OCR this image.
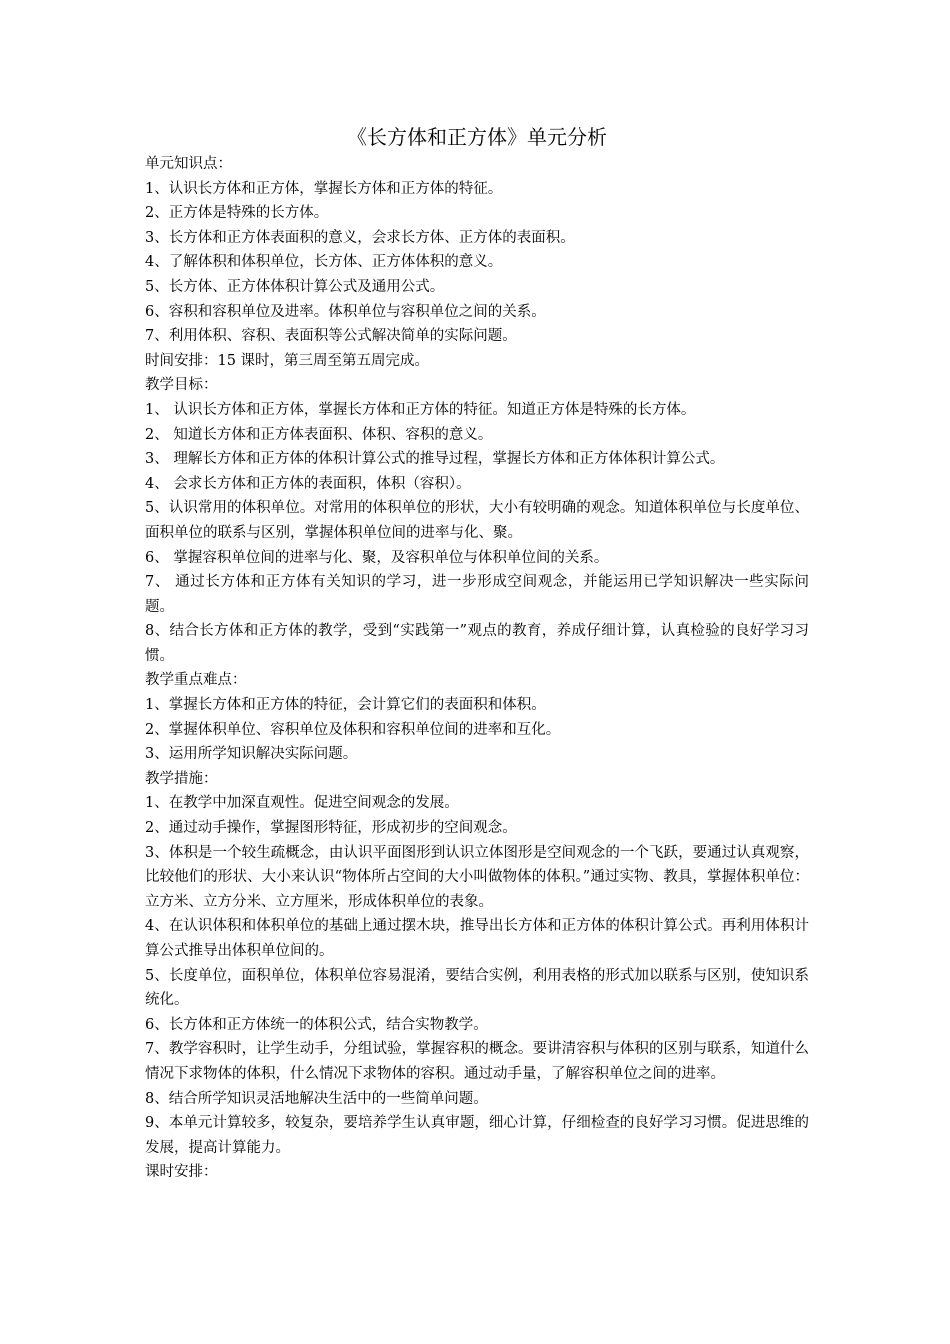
《长方体和正方体》单元分析

单元知识点：

1、认识长方体和正方体，掌握长方体和正方体的特征。

2、正方体是特殊的长方体。

3、长方体和正方体表面积的意义，会求长方体、正方体的表面积。

4、了解体积和体积单位，长方体、正方体体积的意义。

5、长方体、正方体体积计算公式及通用公式。

6、容积和容积单位及进率。体积单位与容积单位之间的关系。

7、利用体积、容积、表面积等公式解决简单的实际问题。

时间安排：15 课时，第三周至第五周完成。

教学目标：

1、 认识长方体和正方体，掌握长方体和正方体的特征。知道正方体是特殊的长方体。

2、 知道长方体和正方体表面积、体积、容积的意义。

3、 理解长方体和正方体的体积计算公式的推导过程，掌握长方体和正方体体积计算公式。

4、 会求长方体和正方体的表面积，体积（容积）。

5、认识常用的体积单位。对常用的体积单位的形状，大小有较明确的观念。知道体积单位与长度单位、面积单位的联系与区别，掌握体积单位间的进率与化、聚。

6、 掌握容积单位间的进率与化、聚，及容积单位与体积单位间的关系。

7、 通过长方体和正方体有关知识的学习，进一步形成空间观念，并能运用已学知识解决一些实际问题。

8、结合长方体和正方体的教学，受到“实践第一”观点的教育，养成仔细计算，认真检验的良好学习习惯。

教学重点难点：

1、掌握长方体和正方体的特征，会计算它们的表面积和体积。

2、掌握体积单位、容积单位及体积和容积单位间的进率和互化。

3、运用所学知识解决实际问题。

教学措施：

1、在教学中加深直观性。促进空间观念的发展。

2、通过动手操作，掌握图形特征，形成初步的空间观念。

3、体积是一个较生疏概念，由认识平面图形到认识立体图形是空间观念的一个飞跃，要通过认真观察，比较他们的形状、大小来认识“物体所占空间的大小叫做物体的体积。”通过实物、教具，掌握体积单位：立方米、立方分米、立方厘米，形成体积单位的表象。

4、在认识体积和体积单位的基础上通过摆木块，推导出长方体和正方体的体积计算公式。再利用体积计算公式推导出体积单位间的。

5、长度单位，面积单位，体积单位容易混淆，要结合实例，利用表格的形式加以联系与区别，使知识系统化。

6、长方体和正方体统一的体积公式，结合实物教学。

7、教学容积时，让学生动手，分组试验，掌握容积的概念。要讲清容积与体积的区别与联系，知道什么情况下求物体的体积，什么情况下求物体的容积。通过动手量，了解容积单位之间的进率。

8、结合所学知识灵活地解决生活中的一些简单问题。

9、本单元计算较多，较复杂，要培养学生认真审题，细心计算，仔细检查的良好学习习惯。促进思维的发展，提高计算能力。

课时安排：
